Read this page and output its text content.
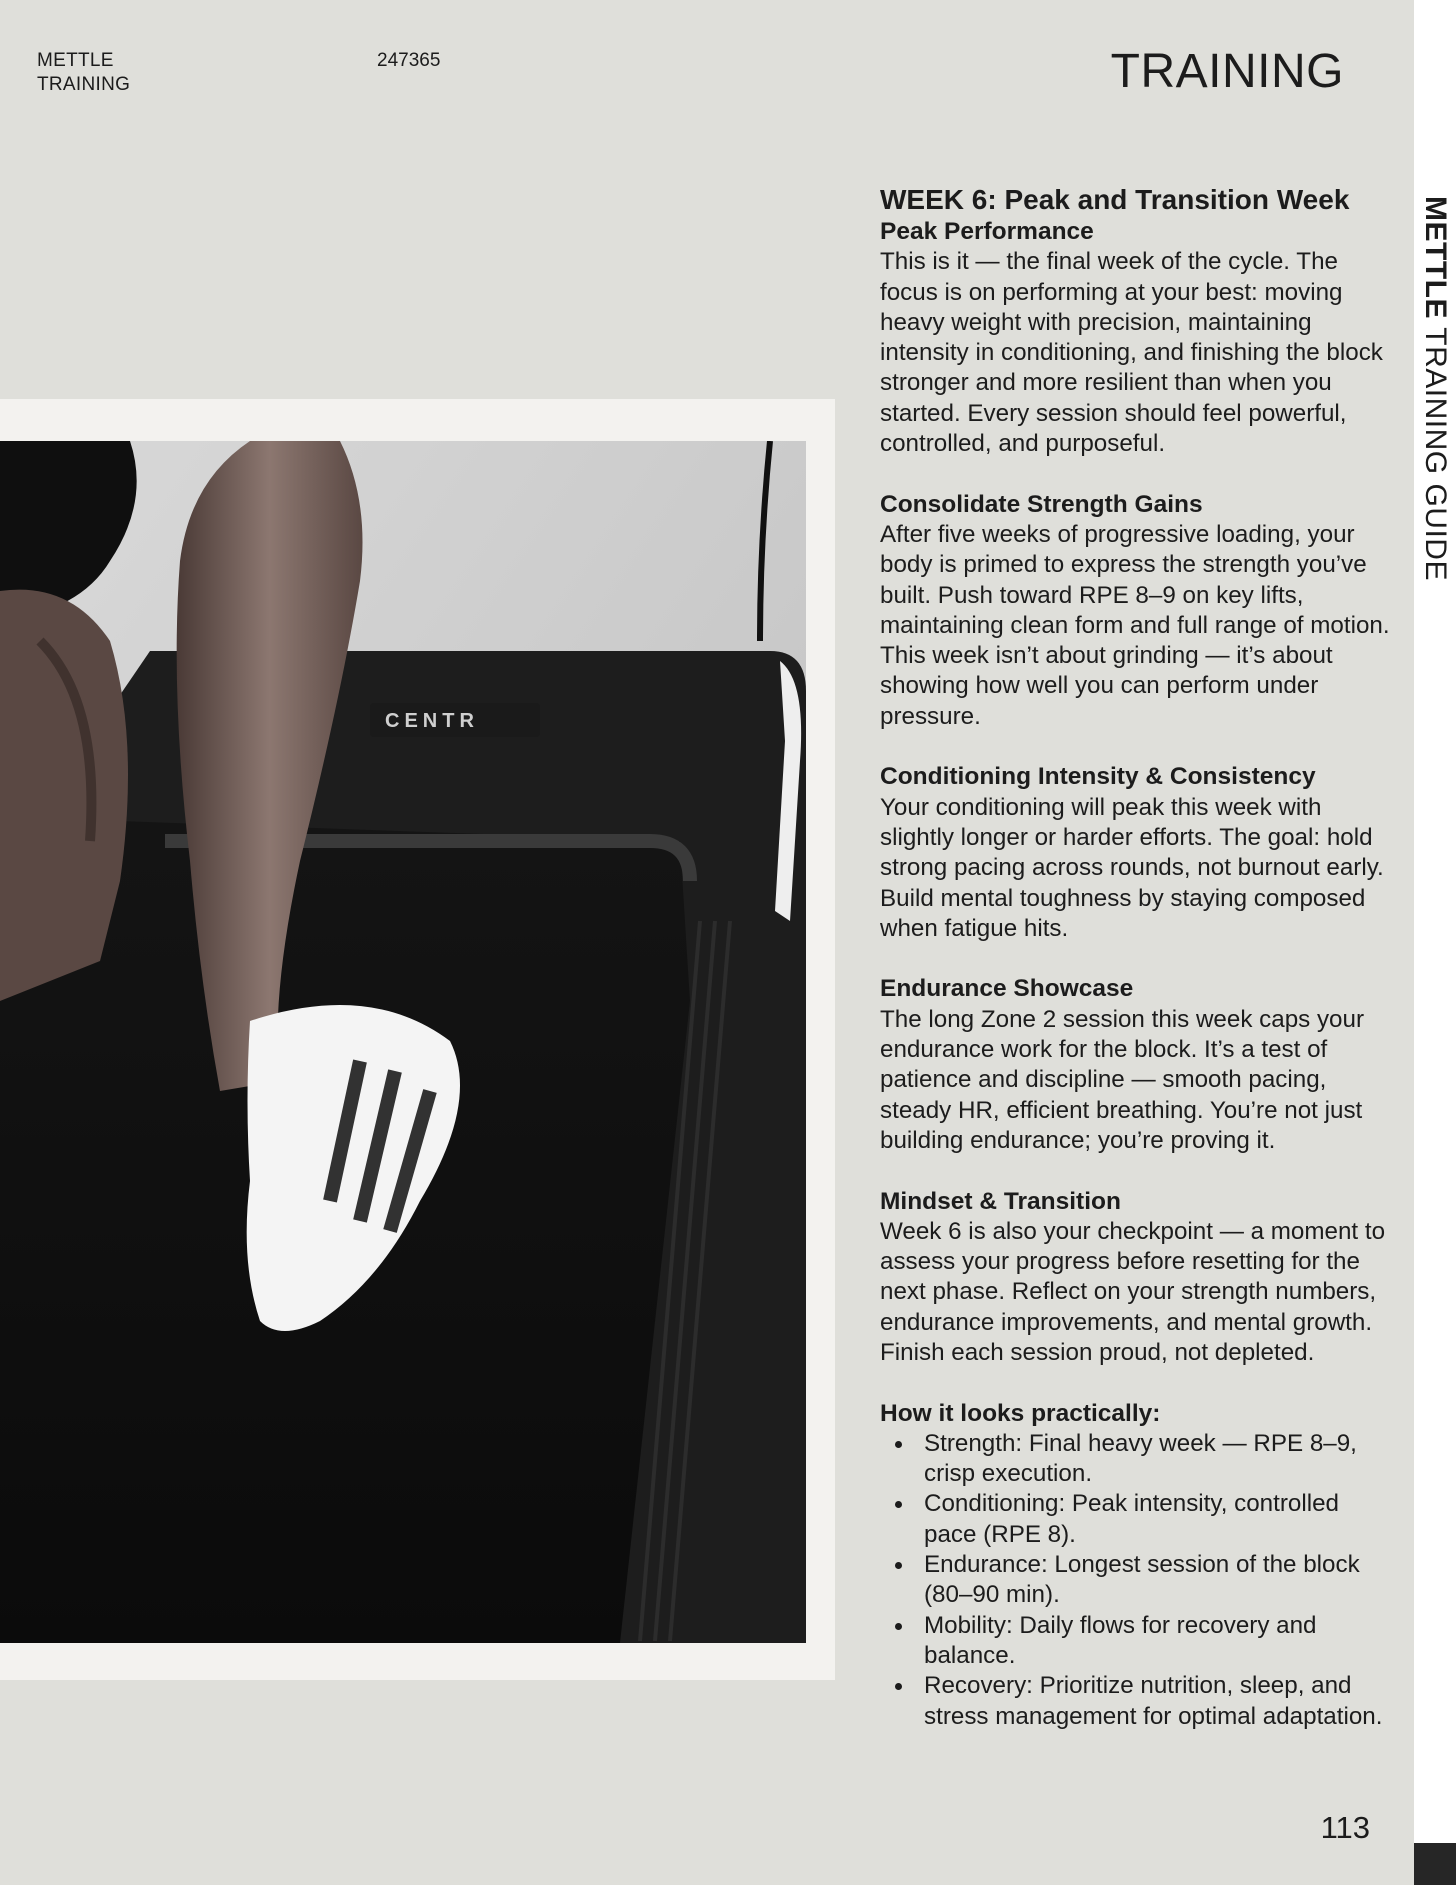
METTLE
TRAINING
247365	TRAINING
CENTR
WEEK 6: Peak and Transition Week
Peak Performance

This is it — the final week of the cycle. The focus is on performing at your best: moving heavy weight with precision, maintaining intensity in conditioning, and finishing the block stronger and more resilient than when you started. Every session should feel powerful, controlled, and purposeful.

Consolidate Strength Gains

After five weeks of progressive loading, your body is primed to express the strength you’ve built. Push toward RPE 8–9 on key lifts, maintaining clean form and full range of motion. This week isn’t about grinding — it’s about showing how well you can perform under pressure.

Conditioning Intensity & Consistency

Your conditioning will peak this week with slightly longer or harder efforts. The goal: hold strong pacing across rounds, not burnout early. Build mental toughness by staying composed when fatigue hits.

Endurance Showcase

The long Zone 2 session this week caps your endurance work for the block. It’s a test of patience and discipline — smooth pacing, steady HR, efficient breathing. You’re not just building endurance; you’re proving it.

Mindset & Transition

Week 6 is also your checkpoint — a moment to assess your progress before resetting for the next phase. Reflect on your strength numbers, endurance improvements, and mental growth. Finish each session proud, not depleted.

How it looks practically:
Strength: Final heavy week — RPE 8–9, crisp execution.
Conditioning: Peak intensity, controlled pace (RPE 8).
Endurance: Longest session of the block (80–90 min).
Mobility: Daily flows for recovery and balance.
Recovery: Prioritize nutrition, sleep, and stress management for optimal adaptation.
113
METTLE TRAINING GUIDE
